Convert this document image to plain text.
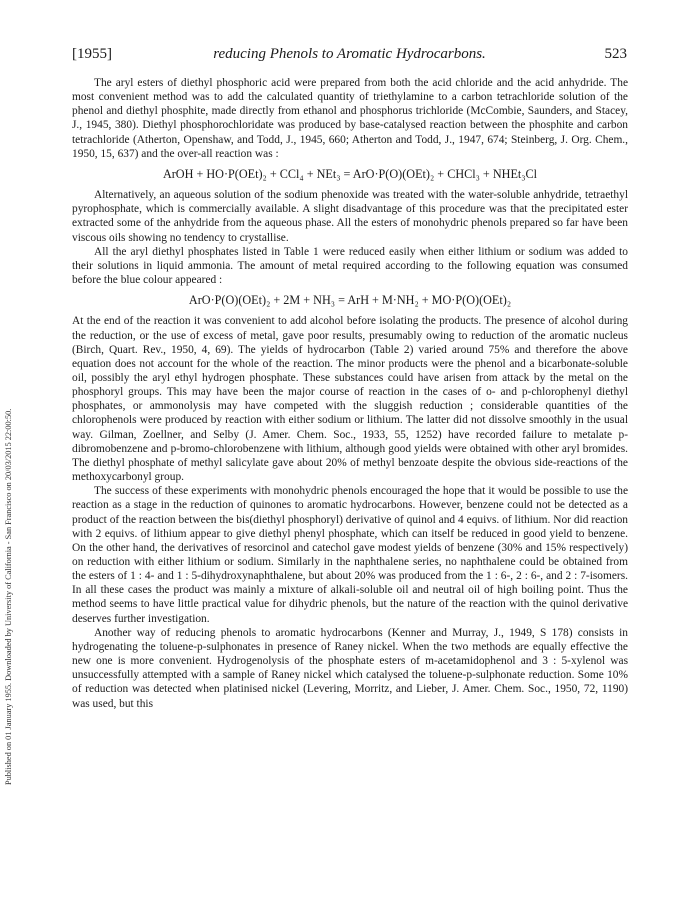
Published on 01 January 1955. Downloaded by University of California - San Francisco on 20/03/2015 22:00:50.
[1955]	reducing Phenols to Aromatic Hydrocarbons.	523

The aryl esters of diethyl phosphoric acid were prepared from both the acid chloride and the acid anhydride. The most convenient method was to add the calculated quantity of triethylamine to a carbon tetrachloride solution of the phenol and diethyl phosphite, made directly from ethanol and phosphorus trichloride (McCombie, Saunders, and Stacey, J., 1945, 380). Diethyl phosphorochloridate was produced by base-catalysed reaction between the phosphite and carbon tetrachloride (Atherton, Openshaw, and Todd, J., 1945, 660; Atherton and Todd, J., 1947, 674; Steinberg, J. Org. Chem., 1950, 15, 637) and the over-all reaction was :

ArOH + HO·P(OEt)₂ + CCl₄ + NEt₃ = ArO·P(O)(OEt)₂ + CHCl₃ + NHEt₃Cl

Alternatively, an aqueous solution of the sodium phenoxide was treated with the water-soluble anhydride, tetraethyl pyrophosphate, which is commercially available. A slight disadvantage of this procedure was that the precipitated ester extracted some of the anhydride from the aqueous phase. All the esters of monohydric phenols prepared so far have been viscous oils showing no tendency to crystallise.

All the aryl diethyl phosphates listed in Table 1 were reduced easily when either lithium or sodium was added to their solutions in liquid ammonia. The amount of metal required according to the following equation was consumed before the blue colour appeared :

ArO·P(O)(OEt)₂ + 2M + NH₃ = ArH + M·NH₂ + MO·P(O)(OEt)₂

At the end of the reaction it was convenient to add alcohol before isolating the products. The presence of alcohol during the reduction, or the use of excess of metal, gave poor results, presumably owing to reduction of the aromatic nucleus (Birch, Quart. Rev., 1950, 4, 69). The yields of hydrocarbon (Table 2) varied around 75% and therefore the above equation does not account for the whole of the reaction. The minor products were the phenol and a bicarbonate-soluble oil, possibly the aryl ethyl hydrogen phosphate. These substances could have arisen from attack by the metal on the phosphoryl groups. This may have been the major course of reaction in the cases of o- and p-chlorophenyl diethyl phosphates, or ammonolysis may have competed with the sluggish reduction ; considerable quantities of the chlorophenols were produced by reaction with either sodium or lithium. The latter did not dissolve smoothly in the usual way. Gilman, Zoellner, and Selby (J. Amer. Chem. Soc., 1933, 55, 1252) have recorded failure to metalate p-dibromobenzene and p-bromo-chlorobenzene with lithium, although good yields were obtained with other aryl bromides. The diethyl phosphate of methyl salicylate gave about 20% of methyl benzoate despite the obvious side-reactions of the methoxycarbonyl group.

The success of these experiments with monohydric phenols encouraged the hope that it would be possible to use the reaction as a stage in the reduction of quinones to aromatic hydrocarbons. However, benzene could not be detected as a product of the reaction between the bis(diethyl phosphoryl) derivative of quinol and 4 equivs. of lithium. Nor did reaction with 2 equivs. of lithium appear to give diethyl phenyl phosphate, which can itself be reduced in good yield to benzene. On the other hand, the derivatives of resorcinol and catechol gave modest yields of benzene (30% and 15% respectively) on reduction with either lithium or sodium. Similarly in the naphthalene series, no naphthalene could be obtained from the esters of 1 : 4- and 1 : 5-dihydroxynaphthalene, but about 20% was produced from the 1 : 6-, 2 : 6-, and 2 : 7-isomers. In all these cases the product was mainly a mixture of alkali-soluble oil and neutral oil of high boiling point. Thus the method seems to have little practical value for dihydric phenols, but the nature of the reaction with the quinol derivative deserves further investigation.

Another way of reducing phenols to aromatic hydrocarbons (Kenner and Murray, J., 1949, S 178) consists in hydrogenating the toluene-p-sulphonates in presence of Raney nickel. When the two methods are equally effective the new one is more convenient. Hydrogenolysis of the phosphate esters of m-acetamidophenol and 3 : 5-xylenol was unsuccessfully attempted with a sample of Raney nickel which catalysed the toluene-p-sulphonate reduction. Some 10% of reduction was detected when platinised nickel (Levering, Morritz, and Lieber, J. Amer. Chem. Soc., 1950, 72, 1190) was used, but this
